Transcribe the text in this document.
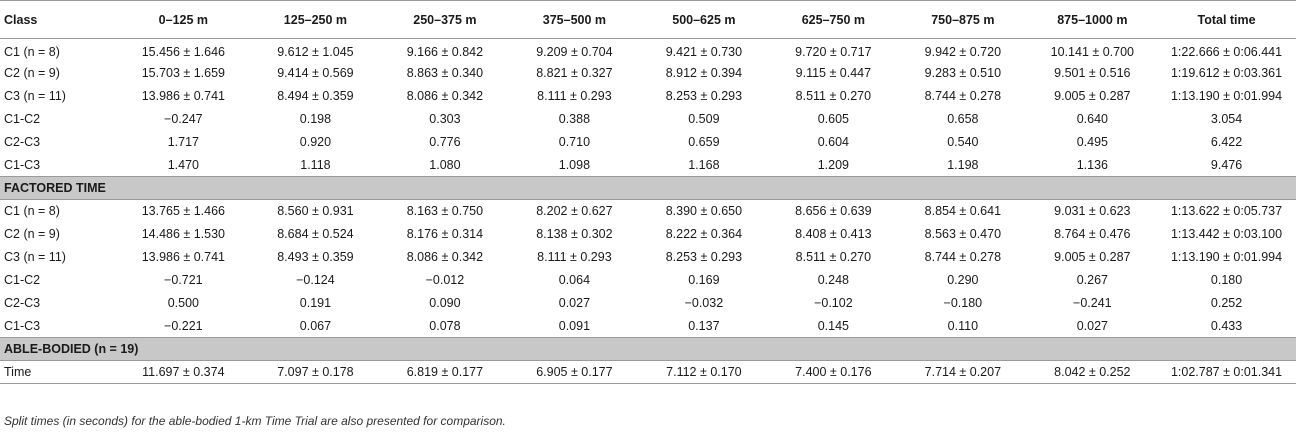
Class	0–125 m	125–250 m	250–375 m	375–500 m	500–625 m	625–750 m	750–875 m	875–1000 m	Total time
C1 (n = 8)	15.456 ± 1.646	9.612 ± 1.045	9.166 ± 0.842	9.209 ± 0.704	9.421 ± 0.730	9.720 ± 0.717	9.942 ± 0.720	10.141 ± 0.700	1:22.666 ± 0:06.441
C2 (n = 9)	15.703 ± 1.659	9.414 ± 0.569	8.863 ± 0.340	8.821 ± 0.327	8.912 ± 0.394	9.115 ± 0.447	9.283 ± 0.510	9.501 ± 0.516	1:19.612 ± 0:03.361
C3 (n = 11)	13.986 ± 0.741	8.494 ± 0.359	8.086 ± 0.342	8.111 ± 0.293	8.253 ± 0.293	8.511 ± 0.270	8.744 ± 0.278	9.005 ± 0.287	1:13.190 ± 0:01.994
C1-C2	−0.247	0.198	0.303	0.388	0.509	0.605	0.658	0.640	3.054
C2-C3	1.717	0.920	0.776	0.710	0.659	0.604	0.540	0.495	6.422
C1-C3	1.470	1.118	1.080	1.098	1.168	1.209	1.198	1.136	9.476
FACTORED TIME									
C1 (n = 8)	13.765 ± 1.466	8.560 ± 0.931	8.163 ± 0.750	8.202 ± 0.627	8.390 ± 0.650	8.656 ± 0.639	8.854 ± 0.641	9.031 ± 0.623	1:13.622 ± 0:05.737
C2 (n = 9)	14.486 ± 1.530	8.684 ± 0.524	8.176 ± 0.314	8.138 ± 0.302	8.222 ± 0.364	8.408 ± 0.413	8.563 ± 0.470	8.764 ± 0.476	1:13.442 ± 0:03.100
C3 (n = 11)	13.986 ± 0.741	8.493 ± 0.359	8.086 ± 0.342	8.111 ± 0.293	8.253 ± 0.293	8.511 ± 0.270	8.744 ± 0.278	9.005 ± 0.287	1:13.190 ± 0:01.994
C1-C2	−0.721	−0.124	−0.012	0.064	0.169	0.248	0.290	0.267	0.180
C2-C3	0.500	0.191	0.090	0.027	−0.032	−0.102	−0.180	−0.241	0.252
C1-C3	−0.221	0.067	0.078	0.091	0.137	0.145	0.110	0.027	0.433
ABLE-BODIED (n = 19)									
Time	11.697 ± 0.374	7.097 ± 0.178	6.819 ± 0.177	6.905 ± 0.177	7.112 ± 0.170	7.400 ± 0.176	7.714 ± 0.207	8.042 ± 0.252	1:02.787 ± 0:01.341
Split times (in seconds) for the able-bodied 1-km Time Trial are also presented for comparison.
